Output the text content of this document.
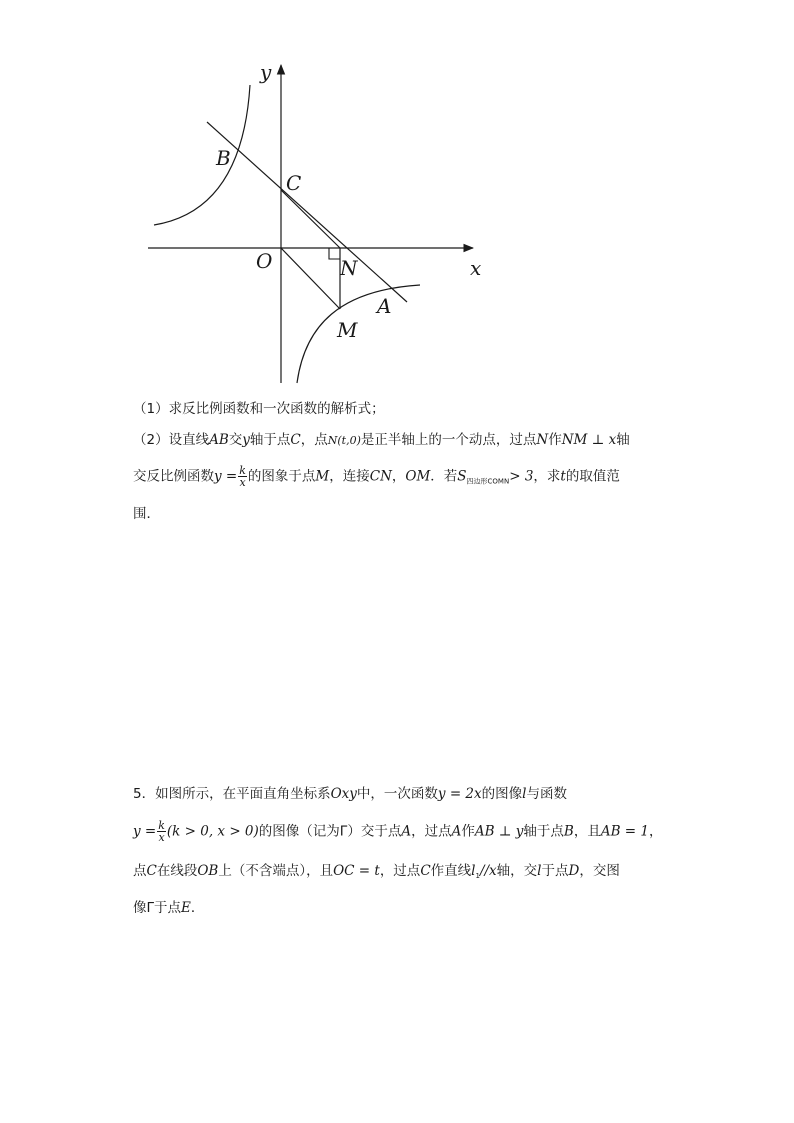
y
x
O
B
C
N
M
A
（1）求反比例函数和一次函数的解析式；
（2）设直线AB交y轴于点C，点N(t,0)是正半轴上的一个动点，过点N作NM ⊥ x轴
交反比例函数$y = \frac{k}{x}$ 的图象于点M，连接CN，OM．若$S_{四边形COMN}> 3$，求t的取值范
围．
5．如图所示，在平面直角坐标系Oxy中，一次函数y = 2x的图像l与函数
$y = \frac{k}{x} (k > 0$, x > 0)的图像（记为Γ）交于点A，过点A作AB ⊥ y轴于点B，且AB = 1，
点C在线段OB上（不含端点），且OC = t，过点C作直线$l_1//x$轴，交l于点D，交图
像Γ于点E．
